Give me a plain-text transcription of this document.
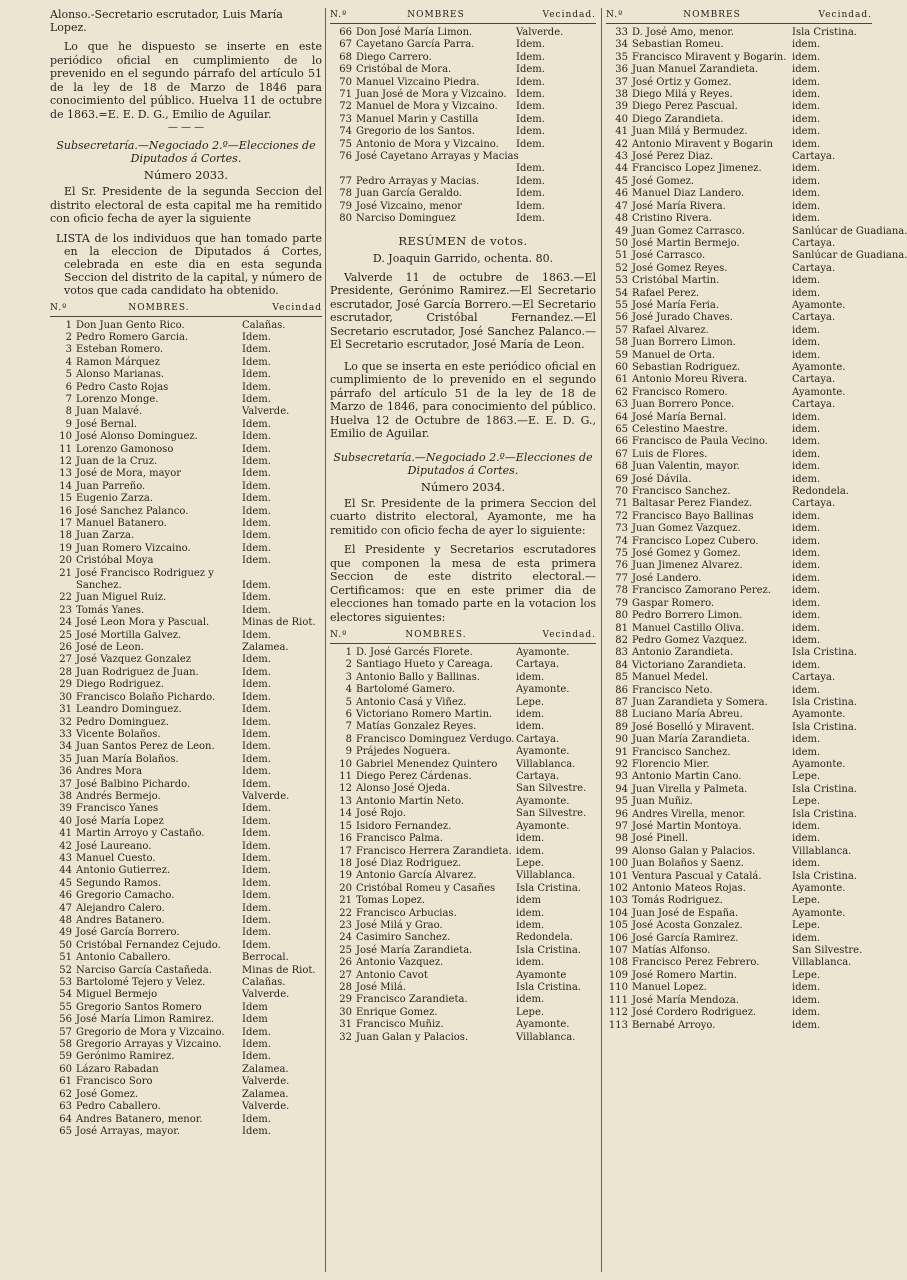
Alonso.-Secretario escrutador, Luis María Lopez.

Lo que he dispuesto se inserte en este periódico oficial en cumplimiento de lo prevenido en el segundo párrafo del artículo 51 de la ley de 18 de Marzo de 1846 para conocimiento del público. Huelva 11 de octubre de 1863.=E. E. D. G., Emilio de Aguilar.

— — —

Subsecretaría.—Negociado 2.º—Elecciones de Diputados á Cortes.

Número 2033.

El Sr. Presidente de la segunda Seccion del distrito electoral de esta capital me ha remitido con oficio fecha de ayer la siguiente

LISTA de los individuos que han tomado parte en la eleccion de Diputados á Cortes, celebrada en este dia en esta segunda Seccion del distrito de la capital, y número de votos que cada candidato ha obtenido.

N.º	NOMBRES.	Vecindad
1 Don Juan Gento Rico.	Calañas.
2 Pedro Romero Garcia.	Idem.
3 Esteban Romero.	Idem.
4 Ramon Márquez	Idem.
5 Alonso Marianas.	Idem.
6 Pedro Casto Rojas	Idem.
7 Lorenzo Monge.	Idem.
8 Juan Malavé.	Valverde.
9 José Bernal.	Idem.
10 José Alonso Dominguez.	Idem.
11 Lorenzo Gamonoso	Idem.
12 Juan de la Cruz.	Idem.
13 José de Mora, mayor	Idem.
14 Juan Parreño.	Idem.
15 Eugenio Zarza.	Idem.
16 José Sanchez Palanco.	Idem.
17 Manuel Batanero.	Idem.
18 Juan Zarza.	Idem.
19 Juan Romero Vizcaino.	Idem.
20 Cristóbal Moya	Idem.
21 José Francisco Rodriguez y
Sanchez.	Idem.
22 Juan Miguel Ruiz.	Idem.
23 Tomás Yanes.	Idem.
24 José Leon Mora y Pascual.	Minas de Riot.
25 José Mortilla Galvez.	Idem.
26 José de Leon.	Zalamea.
27 José Vazquez Gonzalez	Idem.
28 Juan Rodriguez de Juan.	Idem.
29 Diego Rodriguez.	Idem.
30 Francisco Bolaño Pichardo.	Idem.
31 Leandro Dominguez.	Idem.
32 Pedro Dominguez.	Idem.
33 Vicente Bolaños.	Idem.
34 Juan Santos Perez de Leon.	Idem.
35 Juan María Bolaños.	Idem.
36 Andres Mora	Idem.
37 José Balbino Pichardo.	Idem.
38 Andrés Bermejo.	Valverde.
39 Francisco Yanes	Idem.
40 José María Lopez	Idem.
41 Martin Arroyo y Castaño.	Idem.
42 José Laureano.	Idem.
43 Manuel Cuesto.	Idem.
44 Antonio Gutierrez.	Idem.
45 Segundo Ramos.	Idem.
46 Gregorio Camacho.	Idem.
47 Alejandro Calero.	Idem.
48 Andres Batanero.	Idem.
49 José García Borrero.	Idem.
50 Cristóbal Fernandez Cejudo.	Idem.
51 Antonio Caballero.	Berrocal.
52 Narciso García Castañeda.	Minas de Riot.
53 Bartolomé Tejero y Velez.	Calañas.
54 Miguel Bermejo	Valverde.
55 Gregorio Santos Romero	Idem
56 José María Limon Ramirez.	Idem
57 Gregorio de Mora y Vizcaino.	Idem.
58 Gregorio Arrayas y Vizcaino.	Idem.
59 Gerónimo Ramirez.	Idem.
60 Lázaro Rabadan	Zalamea.
61 Francisco Soro	Valverde.
62 José Gomez.	Zalamea.
63 Pedro Caballero.	Valverde.
64 Andres Batanero, menor.	Idem.
65 José Arrayas, mayor.	Idem.
N.º	NOMBRES	Vecindad.
66 Don José María Limon.	Valverde.
67 Cayetano García Parra.	Idem.
68 Diego Carrero.	Idem.
69 Cristóbal de Mora.	Idem.
70 Manuel Vizcaino Piedra.	Idem.
71 Juan José de Mora y Vizcaino. Idem.
72 Manuel de Mora y Vizcaino.	Idem.
73 Manuel Marin y Castilla	Idem.
74 Gregorio de los Santos.	Idem.
75 Antonio de Mora y Vizcaino.	Idem.
76 José Cayetano Arrayas y Macias
Idem.
77 Pedro Arrayas y Macias.	Idem.
78 Juan García Geraldo.	Idem.
79 José Vizcaino, menor	Idem.
80 Narciso Dominguez	Idem.

RESÚMEN de votos.

D. Joaquin Garrido, ochenta. 80.

Valverde 11 de octubre de 1863.—El Presidente, Gerónimo Ramirez.—El Secretario escrutador, José García Borrero.—El Secretario escrutador, Cristóbal Fernandez.—El Secretario escrutador, José Sanchez Palanco.—El Secretario escrutador, José María de Leon.

Lo que se inserta en este periódico oficial en cumplimiento de lo prevenido en el segundo párrafo del artículo 51 de la ley de 18 de Marzo de 1846, para conocimiento del público. Huelva 12 de Octubre de 1863.—E. E. D. G., Emilio de Aguilar.

Subsecretaría.—Negociado 2.º—Elecciones de Diputados á Cortes.

Número 2034.

El Sr. Presidente de la primera Seccion del cuarto distrito electoral, Ayamonte, me ha remitido con oficio fecha de ayer lo siguiente:

El Presidente y Secretarios escrutadores que componen la mesa de esta primera Seccion de este distrito electoral.—Certificamos: que en este primer dia de elecciones han tomado parte en la votacion los electores siguientes:

N.º	NOMBRES.	Vecindad.
1 D. José Garcés Florete.	Ayamonte.
2 Santiago Hueto y Careaga.	Cartaya.
3 Antonio Ballo y Ballinas.	idem.
4 Bartolomé Gamero.	Ayamonte.
5 Antonio Casá y Viñez.	Lepe.
6 Victoriano Romero Martin.	idem.
7 Matías Gonzalez Reyes.	idem.
8 Francisco Dominguez Verdugo. Cartaya.
9 Prájedes Noguera.	Ayamonte.
10 Gabriel Menendez Quintero	Villablanca.
11 Diego Perez Cárdenas.	Cartaya.
12 Alonso José Ojeda.	San Silvestre.
13 Antonio Martin Neto.	Ayamonte.
14 José Rojo.	San Silvestre.
15 Isidoro Fernandez.	Ayamonte.
16 Francisco Palma.	idem.
17 Francisco Herrera Zarandieta. idem.
18 José Diaz Rodriguez.	Lepe.
19 Antonio García Alvarez.	Villablanca.
20 Cristóbal Romeu y Casañes	Isla Cristina.
21 Tomas Lopez.	idem
22 Francisco Arbucias.	idem.
23 José Milá y Grao.	idem.
24 Casimiro Sanchez.	Redondela.
25 José María Zarandieta.	Isla Cristina.
26 Antonio Vazquez.	idem.
27 Antonio Cavot	Ayamonte
28 José Milá.	Isla Cristina.
29 Francisco Zarandieta.	idem.
30 Enrique Gomez.	Lepe.
31 Francisco Muñiz.	Ayamonte.
32 Juan Galan y Palacios.	Villablanca.
N.º	NOMBRES	Vecindad.
33 D. José Amo, menor.	Isla Cristina.
34 Sebastian Romeu.	idem.
35 Francisco Miravent y Bogarin. idem.
36 Juan Manuel Zarandieta.	idem.
37 José Ortiz y Gomez.	idem.
38 Diego Milá y Reyes.	idem.
39 Diego Perez Pascual.	idem.
40 Diego Zarandieta.	idem.
41 Juan Milá y Bermudez.	idem.
42 Antonio Miravent y Bogarin	idem.
43 José Perez Diaz.	Cartaya.
44 Francisco Lopez Jimenez.	idem.
45 José Gomez.	idem.
46 Manuel Diaz Landero.	idem.
47 José María Rivera.	idem.
48 Cristino Rivera.	idem.
49 Juan Gomez Carrasco.	Sanlúcar de Guadiana.
50 José Martin Bermejo.	Cartaya.
51 José Carrasco.	Sanlúcar de Guadiana.
52 José Gomez Reyes.	Cartaya.
53 Cristóbal Martin.	idem.
54 Rafael Perez.	idem.
55 José María Feria.	Ayamonte.
56 José Jurado Chaves.	Cartaya.
57 Rafael Alvarez.	idem.
58 Juan Borrero Limon.	idem.
59 Manuel de Orta.	idem.
60 Sebastian Rodriguez.	Ayamonte.
61 Antonio Moreu Rivera.	Cartaya.
62 Francisco Romero.	Ayamonte.
63 Juan Borrero Ponce.	Cartaya.
64 José María Bernal.	idem.
65 Celestino Maestre.	idem.
66 Francisco de Paula Vecino.	idem.
67 Luis de Flores.	idem.
68 Juan Valentin, mayor.	idem.
69 José Dávila.	idem.
70 Francisco Sanchez.	Redondela.
71 Baltasar Perez Fiandez.	Cartaya.
72 Francisco Bayo Ballinas	idem.
73 Juan Gomez Vazquez.	idem.
74 Francisco Lopez Cubero.	idem.
75 José Gomez y Gomez.	idem.
76 Juan Jimenez Alvarez.	idem.
77 José Landero.	idem.
78 Francisco Zamorano Perez.	idem.
79 Gaspar Romero.	idem.
80 Pedro Borrero Limon.	idem.
81 Manuel Castillo Oliva.	idem.
82 Pedro Gomez Vazquez.	idem.
83 Antonio Zarandieta.	Isla Cristina.
84 Victoriano Zarandieta.	idem.
85 Manuel Medel.	Cartaya.
86 Francisco Neto.	idem.
87 Juan Zarandieta y Somera.	Isla Cristina.
88 Luciano María Abreu.	Ayamonte.
89 José Boselló y Miravent.	Isla Cristina.
90 Juan María Zarandieta.	idem.
91 Francisco Sanchez.	idem.
92 Florencio Mier.	Ayamonte.
93 Antonio Martin Cano.	Lepe.
94 Juan Virella y Palmeta.	Isla Cristina.
95 Juan Muñiz.	Lepe.
96 Andres Virella, menor.	Isla Cristina.
97 José Martin Montoya.	idem.
98 José Pinell.	idem.
99 Alonso Galan y Palacios.	Villablanca.
100 Juan Bolaños y Saenz.	idem.
101 Ventura Pascual y Catalá.	Isla Cristina.
102 Antonio Mateos Rojas.	Ayamonte.
103 Tomás Rodriguez.	Lepe.
104 Juan José de España.	Ayamonte.
105 José Acosta Gonzalez.	Lepe.
106 José García Ramirez.	idem.
107 Matías Alfonso.	San Silvestre.
108 Francisco Perez Febrero.	Villablanca.
109 José Romero Martin.	Lepe.
110 Manuel Lopez.	idem.
111 José María Mendoza.	idem.
112 José Cordero Rodriguez.	idem.
113 Bernabé Arroyo.	idem.
